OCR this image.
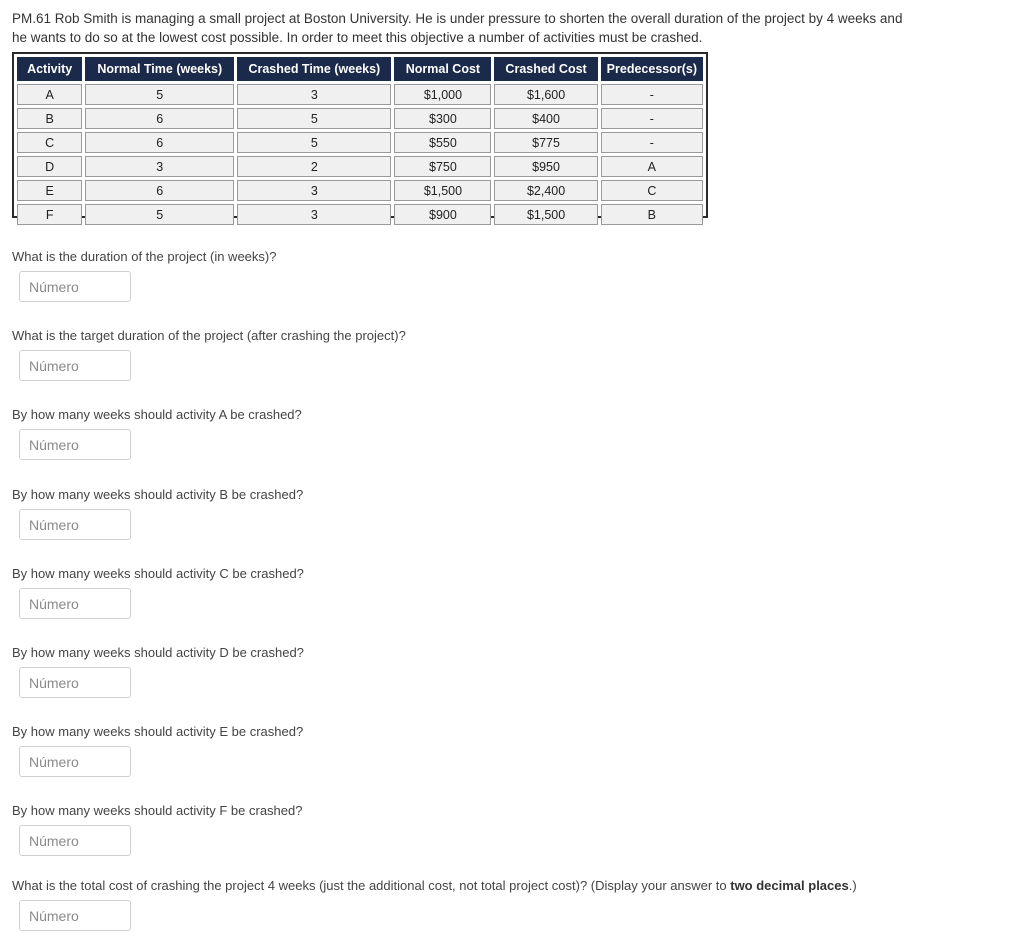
PM.61 Rob Smith is managing a small project at Boston University. He is under pressure to shorten the overall duration of the project by 4 weeks and he wants to do so at the lowest cost possible. In order to meet this objective a number of activities must be crashed.
Activity	Normal Time (weeks)	Crashed Time (weeks)	Normal Cost	Crashed Cost	Predecessor(s)
A	5	3	$1,000	$1,600	-
B	6	5	$300	$400	-
C	6	5	$550	$775	-
D	3	2	$750	$950	A
E	6	3	$1,500	$2,400	C
F	5	3	$900	$1,500	B
What is the duration of the project (in weeks)?
Número
What is the target duration of the project (after crashing the project)?
Número
By how many weeks should activity A be crashed?
Número
By how many weeks should activity B be crashed?
Número
By how many weeks should activity C be crashed?
Número
By how many weeks should activity D be crashed?
Número
By how many weeks should activity E be crashed?
Número
By how many weeks should activity F be crashed?
Número
What is the total cost of crashing the project 4 weeks (just the additional cost, not total project cost)? (Display your answer to two decimal places.)
Número
